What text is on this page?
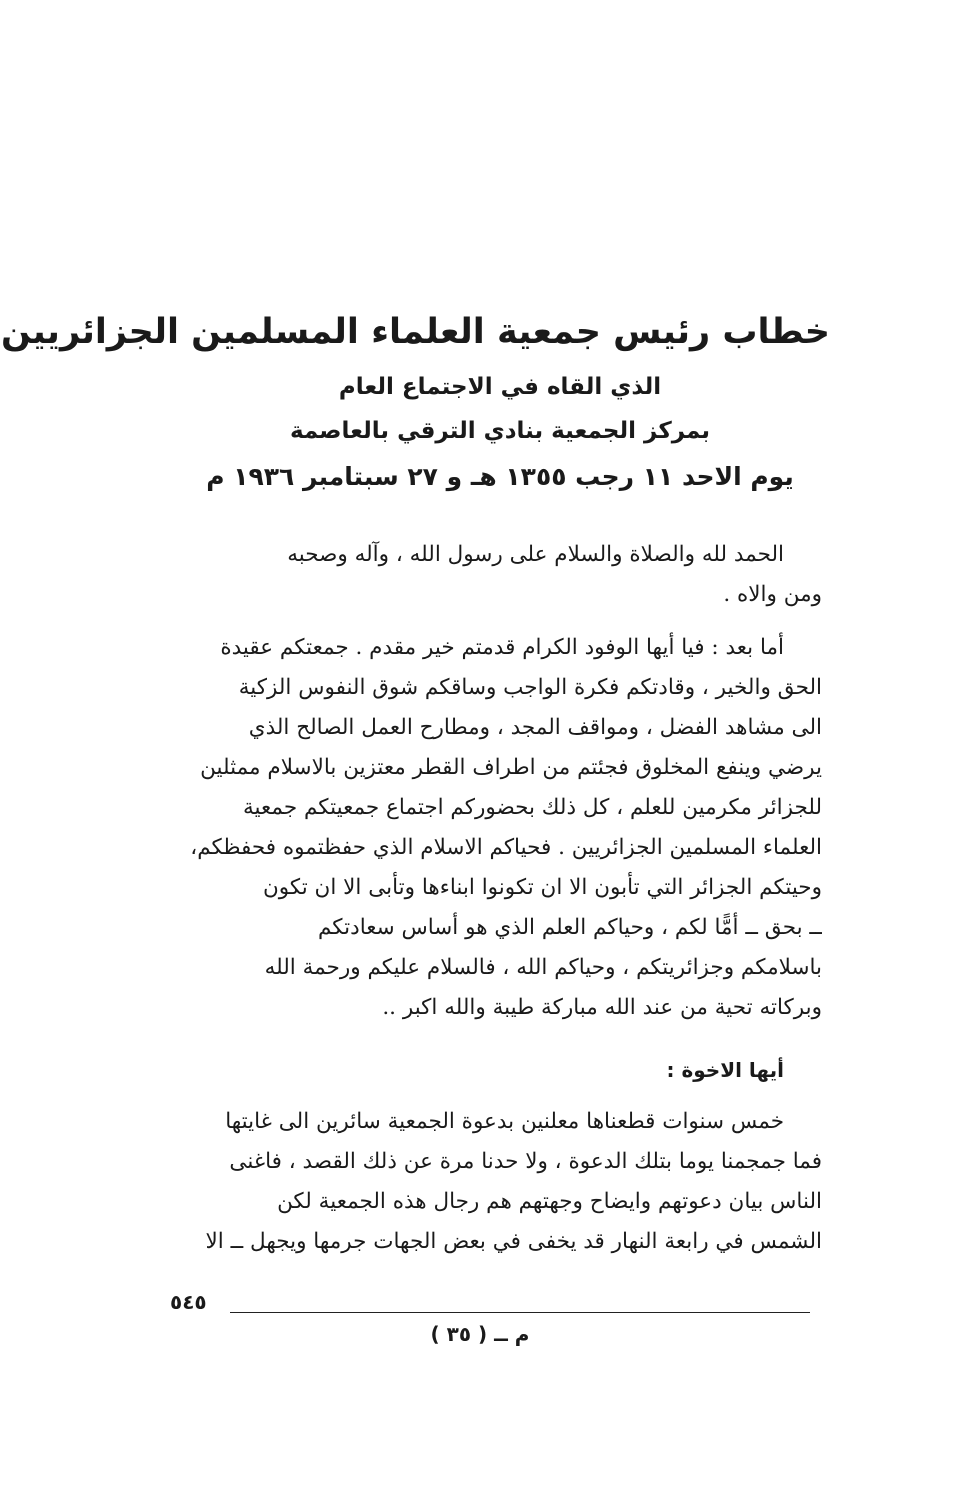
خطاب رئيس جمعية العلماء المسلمين الجزائريين
الذي القاه في الاجتماع العام
بمركز الجمعية بنادي الترقي بالعاصمة
يوم الاحد ١١ رجب ١٣٥٥ هـ و ٢٧ سبتامبر ١٩٣٦ م
الحمد لله والصلاة والسلام على رسول الله ، وآله وصحبه
ومن والاه .
أما بعد : فيا أيها الوفود الكرام قدمتم خير مقدم . جمعتكم عقيدة
الحق والخير ، وقادتكم فكرة الواجب وساقكم شوق النفوس الزكية
الى مشاهد الفضل ، ومواقف المجد ، ومطارح العمل الصالح الذي
يرضي وينفع المخلوق فجئتم من اطراف القطر معتزين بالاسلام ممثلين
للجزائر مكرمين للعلم ، كل ذلك بحضوركم اجتماع جمعيتكم جمعية
العلماء المسلمين الجزائريين . فحياكم الاسلام الذي حفظتموه فحفظكم،
وحيتكم الجزائر التي تأبون الا ان تكونوا ابناءها وتأبى الا ان تكون
ــ بحق ــ أمًّا لكم ، وحياكم العلم الذي هو أساس سعادتكم
باسلامكم وجزائريتكم ، وحياكم الله ، فالسلام عليكم ورحمة الله
وبركاته تحية من عند الله مباركة طيبة والله اكبر ..
أيها الاخوة :
خمس سنوات قطعناها معلنين بدعوة الجمعية سائرين الى غايتها
فما جمجمنا يوما بتلك الدعوة ، ولا حدنا مرة عن ذلك القصد ، فاغنى
الناس بيان دعوتهم وايضاح وجهتهم هم رجال هذه الجمعية لكن
الشمس في رابعة النهار قد يخفى في بعض الجهات جرمها ويجهل ــ الا
٥٤٥
م ــ ( ٣٥ )
